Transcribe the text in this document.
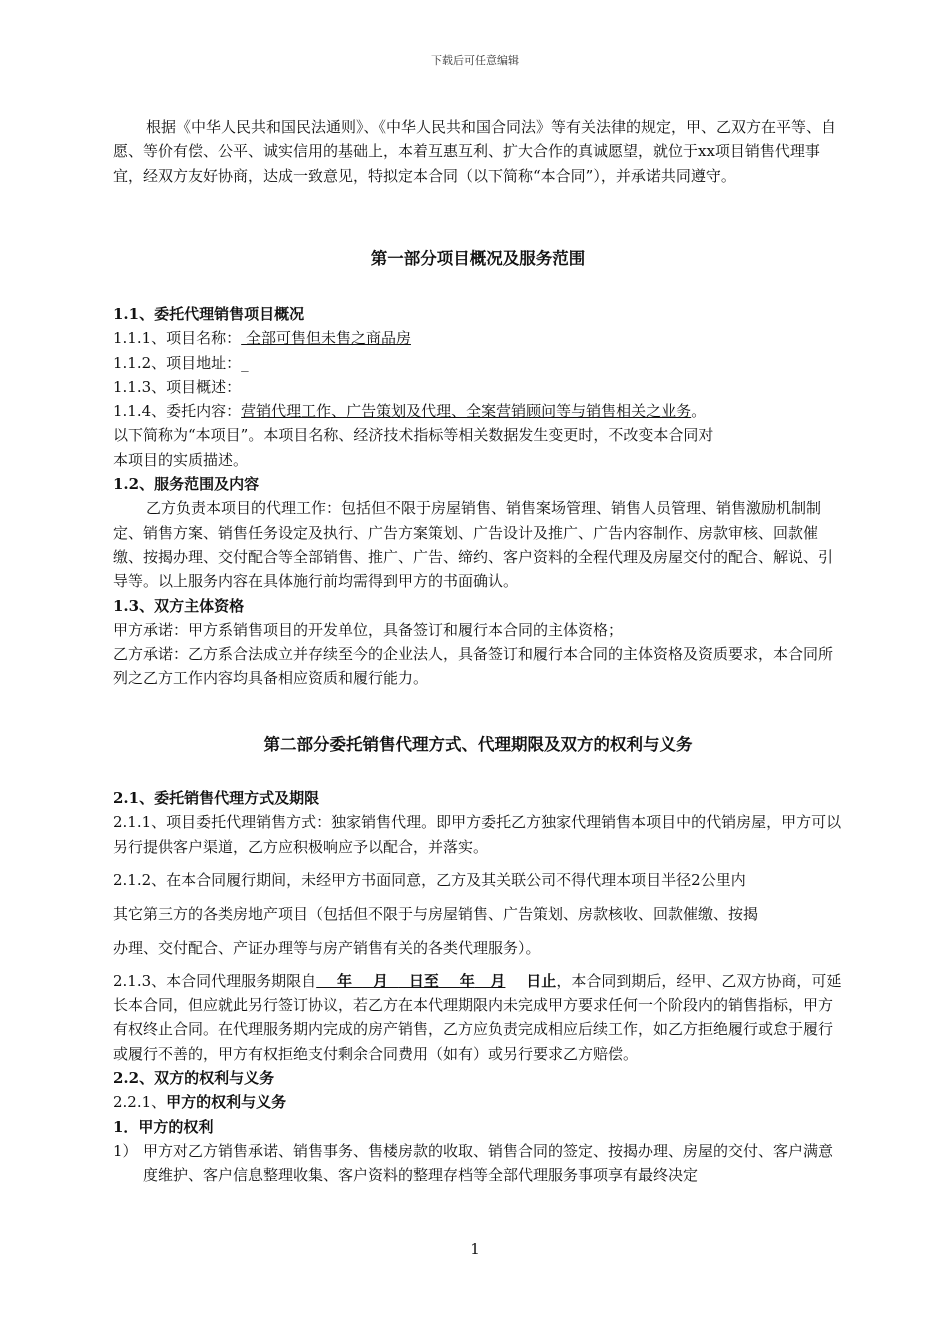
下载后可任意编辑

根据《中华人民共和国民法通则》、《中华人民共和国合同法》等有关法律的规定，甲、乙双方在平等、自愿、等价有偿、公平、诚实信用的基础上，本着互惠互利、扩大合作的真诚愿望，就位于xx项目销售代理事宜，经双方友好协商，达成一致意见，特拟定本合同（以下简称“本合同”），并承诺共同遵守。

第一部分项目概况及服务范围

1.1、委托代理销售项目概况

1.1.1、项目名称： 全部可售但未售之商品房

1.1.2、项目地址：_

1.1.3、项目概述：

1.1.4、委托内容：营销代理工作、广告策划及代理、全案营销顾问等与销售相关之业务。

以下简称为“本项目”。本项目名称、经济技术指标等相关数据发生变更时，不改变本合同对

本项目的实质描述。

1.2、服务范围及内容

乙方负责本项目的代理工作：包括但不限于房屋销售、销售案场管理、销售人员管理、销售激励机制制定、销售方案、销售任务设定及执行、广告方案策划、广告设计及推广、广告内容制作、房款审核、回款催缴、按揭办理、交付配合等全部销售、推广、广告、缔约、客户资料的全程代理及房屋交付的配合、解说、引导等。以上服务内容在具体施行前均需得到甲方的书面确认。

1.3、双方主体资格

甲方承诺：甲方系销售项目的开发单位，具备签订和履行本合同的主体资格；

乙方承诺：乙方系合法成立并存续至今的企业法人，具备签订和履行本合同的主体资格及资质要求，本合同所列之乙方工作内容均具备相应资质和履行能力。

第二部分委托销售代理方式、代理期限及双方的权利与义务

2.1、委托销售代理方式及期限

2.1.1、项目委托代理销售方式：独家销售代理。即甲方委托乙方独家代理销售本项目中的代销房屋，甲方可以另行提供客户渠道，乙方应积极响应予以配合，并落实。

2.1.2、在本合同履行期间，未经甲方书面同意，乙方及其关联公司不得代理本项目半径2公里内

其它第三方的各类房地产项目（包括但不限于与房屋销售、广告策划、房款核收、回款催缴、按揭

办理、交付配合、产证办理等与房产销售有关的各类代理服务）。

2.1.3、本合同代理服务期限自    年    月    日至    年   月    日止，本合同到期后，经甲、乙双方协商，可延长本合同，但应就此另行签订协议，若乙方在本代理期限内未完成甲方要求任何一个阶段内的销售指标，甲方有权终止合同。在代理服务期内完成的房产销售，乙方应负责完成相应后续工作，如乙方拒绝履行或怠于履行或履行不善的，甲方有权拒绝支付剩余合同费用（如有）或另行要求乙方赔偿。

2.2、双方的权利与义务

2.2.1、甲方的权利与义务

1．甲方的权利

1） 甲方对乙方销售承诺、销售事务、售楼房款的收取、销售合同的签定、按揭办理、房屋的交付、客户满意度维护、客户信息整理收集、客户资料的整理存档等全部代理服务事项享有最终决定

1
